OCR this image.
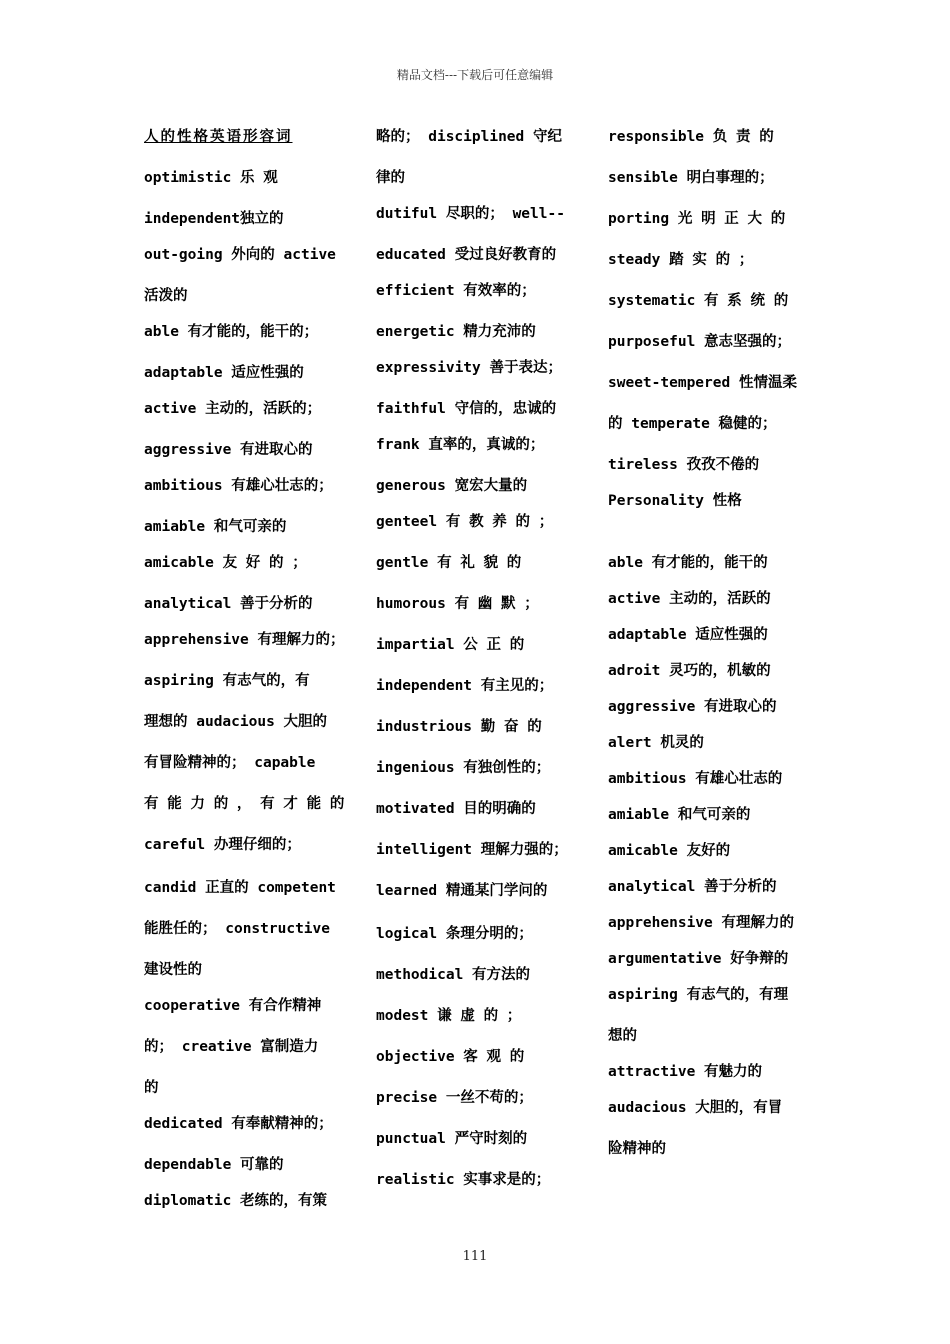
精品文档---下载后可任意编辑
人的性格英语形容词
optimistic 乐 观
independent独立的
out-going 外向的 active
活泼的
able 有才能的，能干的；
adaptable 适应性强的
active 主动的，活跃的；
aggressive 有进取心的
ambitious 有雄心壮志的；
amiable 和气可亲的
amicable 友 好 的 ；
analytical 善于分析的
apprehensive 有理解力的；
aspiring 有志气的，有
理想的 audacious 大胆的
有冒险精神的； capable
有 能 力 的 ， 有 才 能 的
careful 办理仔细的；
candid 正直的 competent
能胜任的； constructive
建设性的
cooperative 有合作精神
的； creative 富制造力
的
dedicated 有奉献精神的；
dependable 可靠的
diplomatic 老练的，有策
略的； disciplined 守纪
律的
dutiful 尽职的； well--
educated 受过良好教育的
efficient 有效率的；
energetic 精力充沛的
expressivity 善于表达；
faithful 守信的，忠诚的
frank 直率的，真诚的；
generous 宽宏大量的
genteel 有 教 养 的 ；
gentle 有 礼 貌 的
humorous 有 幽 默 ；
impartial 公 正 的
independent 有主见的；
industrious 勤 奋 的
ingenious 有独创性的；
motivated 目的明确的
intelligent 理解力强的；
learned 精通某门学问的
logical 条理分明的；
methodical 有方法的
modest 谦 虚 的 ；
objective 客 观 的
precise 一丝不苟的；
punctual 严守时刻的
realistic 实事求是的；
responsible 负 责 的
sensible 明白事理的；
porting 光 明 正 大 的
steady 踏 实 的 ；
systematic 有 系 统 的
purposeful 意志坚强的；
sweet-tempered 性情温柔
的 temperate 稳健的；
tireless 孜孜不倦的
Personality 性格
able 有才能的，能干的
active 主动的，活跃的
adaptable 适应性强的
adroit 灵巧的，机敏的
aggressive 有进取心的
alert 机灵的
ambitious 有雄心壮志的
amiable 和气可亲的
amicable 友好的
analytical 善于分析的
apprehensive 有理解力的
argumentative 好争辩的
aspiring 有志气的，有理
想的
attractive 有魅力的
audacious 大胆的，有冒
险精神的
111
